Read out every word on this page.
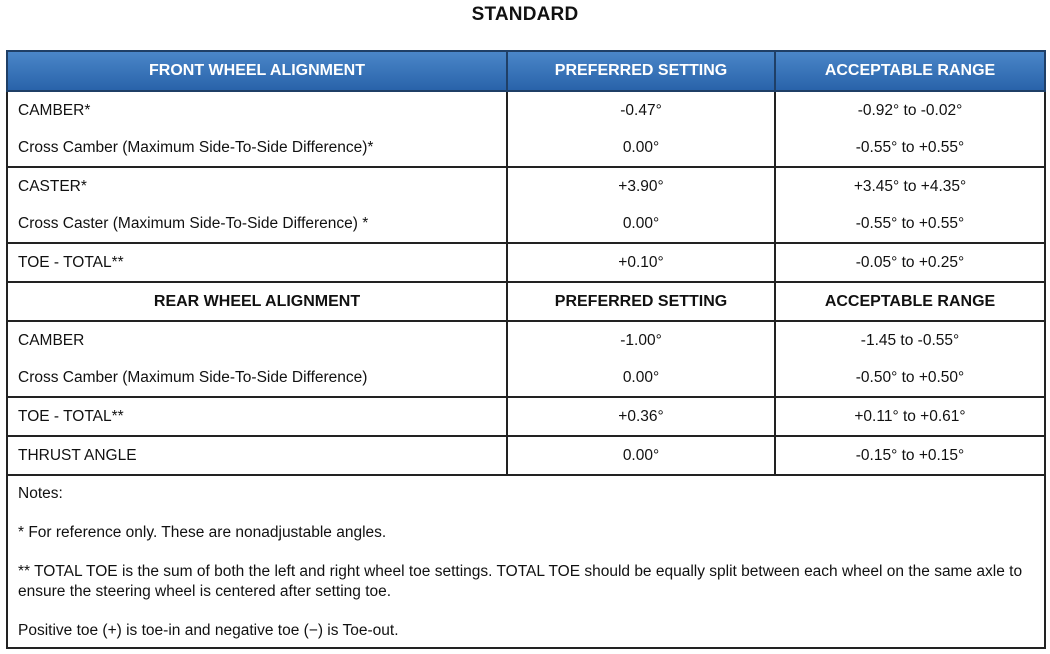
STANDARD
FRONT WHEEL ALIGNMENT	PREFERRED SETTING	ACCEPTABLE RANGE
CAMBER*	-0.47°	-0.92° to -0.02°
Cross Camber (Maximum Side-To-Side Difference)*	0.00°	-0.55° to +0.55°
CASTER*	+3.90°	+3.45° to +4.35°
Cross Caster (Maximum Side-To-Side Difference) *	0.00°	-0.55° to +0.55°
TOE - TOTAL**	+0.10°	-0.05° to +0.25°
REAR WHEEL ALIGNMENT	PREFERRED SETTING	ACCEPTABLE RANGE
CAMBER	-1.00°	-1.45 to -0.55°
Cross Camber (Maximum Side-To-Side Difference)	0.00°	-0.50° to +0.50°
TOE - TOTAL**	+0.36°	+0.11° to +0.61°
THRUST ANGLE	0.00°	-0.15° to +0.15°

Notes:

* For reference only. These are nonadjustable angles.

** TOTAL TOE is the sum of both the left and right wheel toe settings. TOTAL TOE should be equally split between each wheel on the same axle to ensure the steering wheel is centered after setting toe.

Positive toe (+) is toe-in and negative toe (−) is Toe-out.		
